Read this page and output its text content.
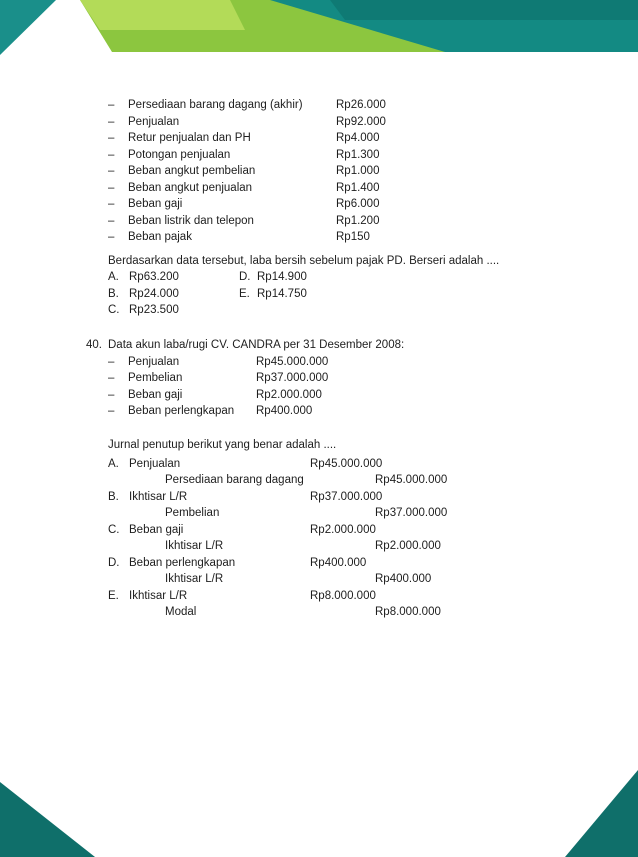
– Persediaan barang dagang (akhir)	Rp26.000
– Penjualan	Rp92.000
– Retur penjualan dan PH	Rp4.000
– Potongan penjualan	Rp1.300
– Beban angkut pembelian	Rp1.000
– Beban angkut penjualan	Rp1.400
– Beban gaji	Rp6.000
– Beban listrik dan telepon	Rp1.200
– Beban pajak	Rp150
Berdasarkan data tersebut, laba bersih sebelum pajak PD. Berseri adalah ....
A. Rp63.200	D. Rp14.900
B. Rp24.000	E. Rp14.750
C. Rp23.500
40. Data akun laba/rugi CV. CANDRA per 31 Desember 2008:
– Penjualan	Rp45.000.000
– Pembelian	Rp37.000.000
– Beban gaji	Rp2.000.000
– Beban perlengkapan Rp400.000
Jurnal penutup berikut yang benar adalah ....
A. Penjualan	Rp45.000.000
Persediaan barang dagang	Rp45.000.000
B. Ikhtisar L/R	Rp37.000.000
Pembelian	Rp37.000.000
C. Beban gaji	Rp2.000.000
Ikhtisar L/R	Rp2.000.000
D. Beban perlengkapan	Rp400.000
Ikhtisar L/R	Rp400.000
E. Ikhtisar L/R	Rp8.000.000
Modal	Rp8.000.000
